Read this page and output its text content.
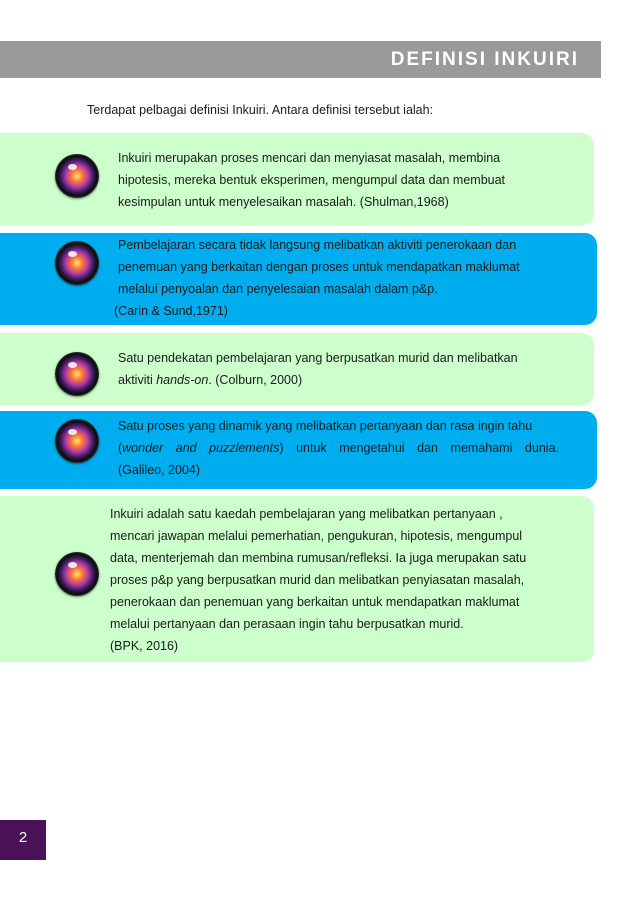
DEFINISI INKUIRI
Terdapat pelbagai definisi Inkuiri. Antara definisi tersebut ialah:

Inkuiri merupakan proses mencari dan menyiasat masalah, membina

hipotesis, mereka bentuk eksperimen, mengumpul data dan membuat

kesimpulan untuk menyelesaikan masalah. (Shulman,1968)

Pembelajaran secara tidak langsung melibatkan aktiviti penerokaan dan

penemuan yang berkaitan dengan proses untuk mendapatkan maklumat

melalui penyoalan dan penyelesaian masalah dalam p&p.

(Carin & Sund,1971)

Satu pendekatan pembelajaran yang berpusatkan murid dan melibatkan

aktiviti hands-on. (Colburn, 2000)

Satu proses yang dinamik yang melibatkan pertanyaan dan rasa ingin tahu

(wonder and puzzlements) untuk mengetahui dan memahami dunia.

(Galileo, 2004)

Inkuiri adalah satu kaedah pembelajaran yang melibatkan pertanyaan ,

mencari jawapan melalui pemerhatian, pengukuran, hipotesis, mengumpul

data, menterjemah dan membina rumusan/refleksi. Ia juga merupakan satu

proses p&p yang berpusatkan murid dan melibatkan penyiasatan masalah,

penerokaan dan penemuan yang berkaitan untuk mendapatkan maklumat

melalui pertanyaan dan perasaan ingin tahu berpusatkan murid.

(BPK, 2016)

2
